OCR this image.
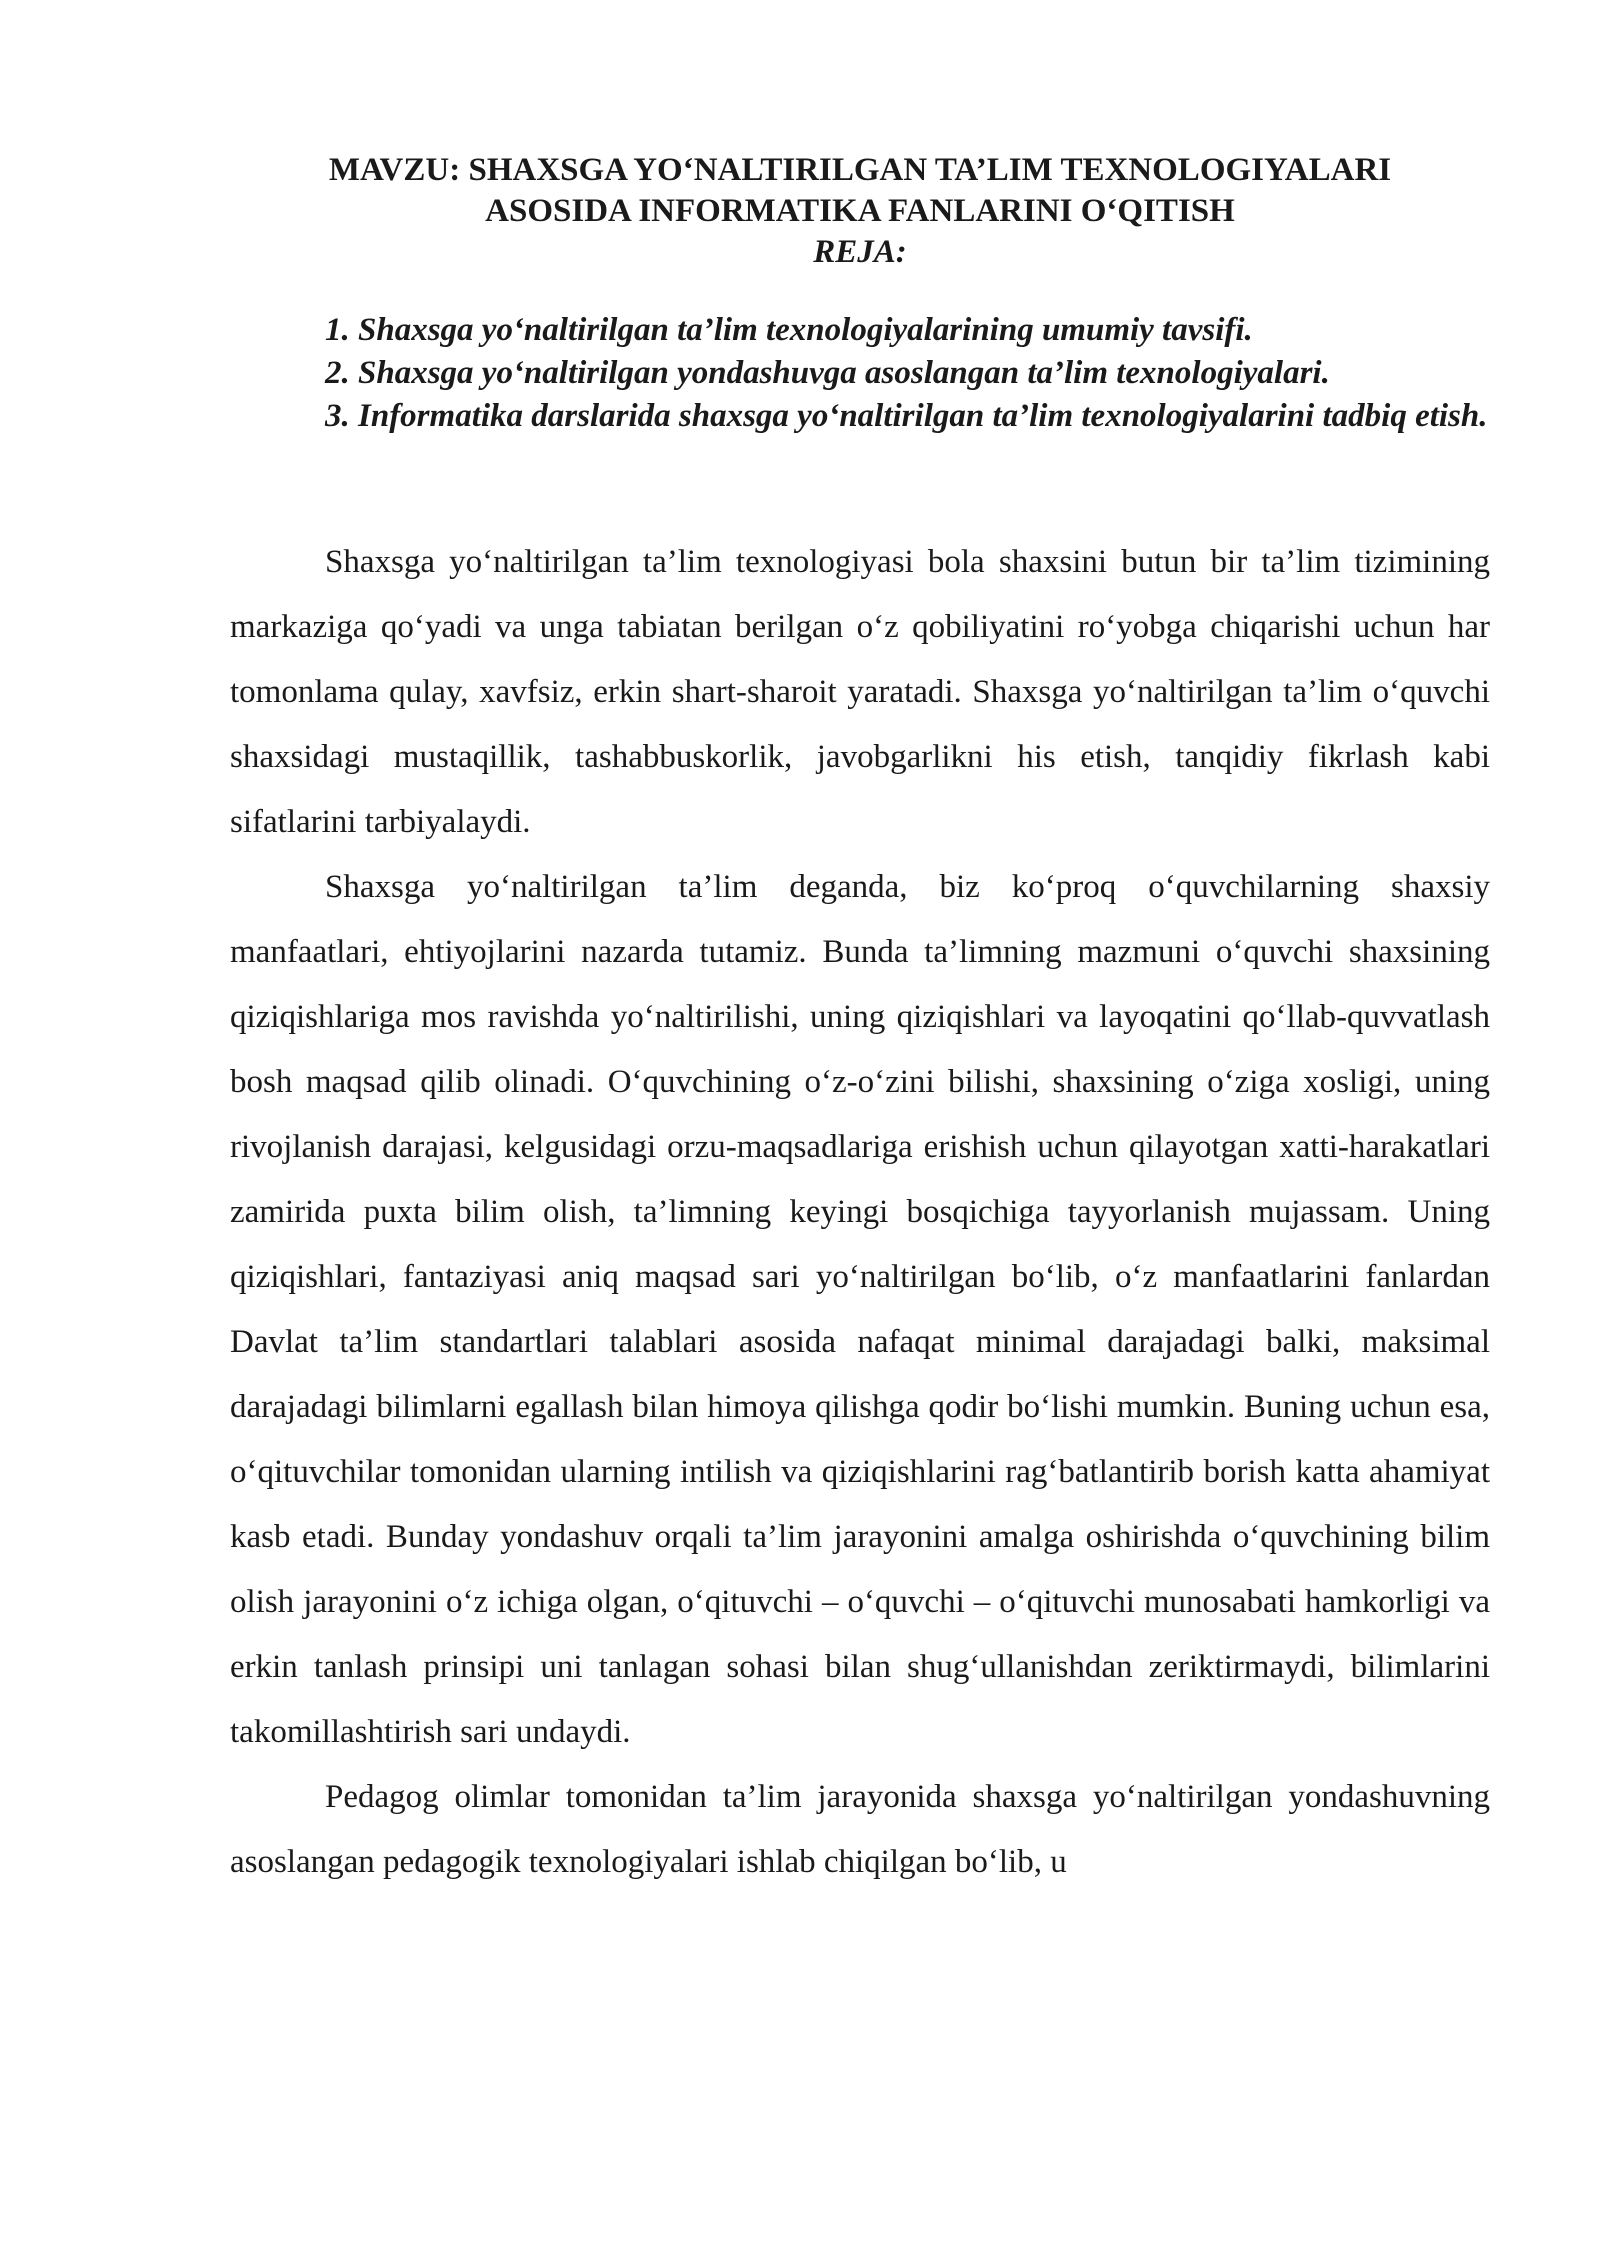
MAVZU: SHAXSGA YO‘NALTIRILGAN TA’LIM TEXNOLOGIYALARI
ASOSIDA INFORMATIKA FANLARINI O‘QITISH
REJA:
1. Shaxsga yo‘naltirilgan ta’lim texnologiyalarining umumiy tavsifi.
2. Shaxsga yo‘naltirilgan yondashuvga asoslangan ta’lim texnologiyalari.
3. Informatika darslarida shaxsga yo‘naltirilgan ta’lim texnologiyalarini tadbiq etish.

Shaxsga yo‘naltirilgan ta’lim texnologiyasi bola shaxsini butun bir ta’lim tizimining markaziga qo‘yadi va unga tabiatan berilgan o‘z qobiliyatini ro‘yobga chiqarishi uchun har tomonlama qulay, xavfsiz, erkin shart-sharoit yaratadi. Shaxsga yo‘naltirilgan ta’lim o‘quvchi shaxsidagi mustaqillik, tashabbuskorlik, javobgarlikni his etish, tanqidiy fikrlash kabi sifatlarini tarbiyalaydi.

Shaxsga yo‘naltirilgan ta’lim deganda, biz ko‘proq o‘quvchilarning shaxsiy manfaatlari, ehtiyojlarini nazarda tutamiz. Bunda ta’limning mazmuni o‘quvchi shaxsining qiziqishlariga mos ravishda yo‘naltirilishi, uning qiziqishlari va layoqatini qo‘llab-quvvatlash bosh maqsad qilib olinadi. O‘quvchining o‘z-o‘zini bilishi, shaxsining o‘ziga xosligi, uning rivojlanish darajasi, kelgusidagi orzu-maqsadlariga erishish uchun qilayotgan xatti-harakatlari zamirida puxta bilim olish, ta’limning keyingi bosqichiga tayyorlanish mujassam. Uning qiziqishlari, fantaziyasi aniq maqsad sari yo‘naltirilgan bo‘lib, o‘z manfaatlarini fanlardan Davlat ta’lim standartlari talablari asosida nafaqat minimal darajadagi balki, maksimal darajadagi bilimlarni egallash bilan himoya qilishga qodir bo‘lishi mumkin. Buning uchun esa, o‘qituvchilar tomonidan ularning intilish va qiziqishlarini rag‘batlantirib borish katta ahamiyat kasb etadi. Bunday yondashuv orqali ta’lim jarayonini amalga oshirishda o‘quvchining bilim olish jarayonini o‘z ichiga olgan, o‘qituvchi – o‘quvchi – o‘qituvchi munosabati hamkorligi va erkin tanlash prinsipi uni tanlagan sohasi bilan shug‘ullanishdan zeriktirmaydi, bilimlarini takomillashtirish sari undaydi.

Pedagog olimlar tomonidan ta’lim jarayonida shaxsga yo‘naltirilgan yondashuvning asoslangan pedagogik texnologiyalari ishlab chiqilgan bo‘lib, u
